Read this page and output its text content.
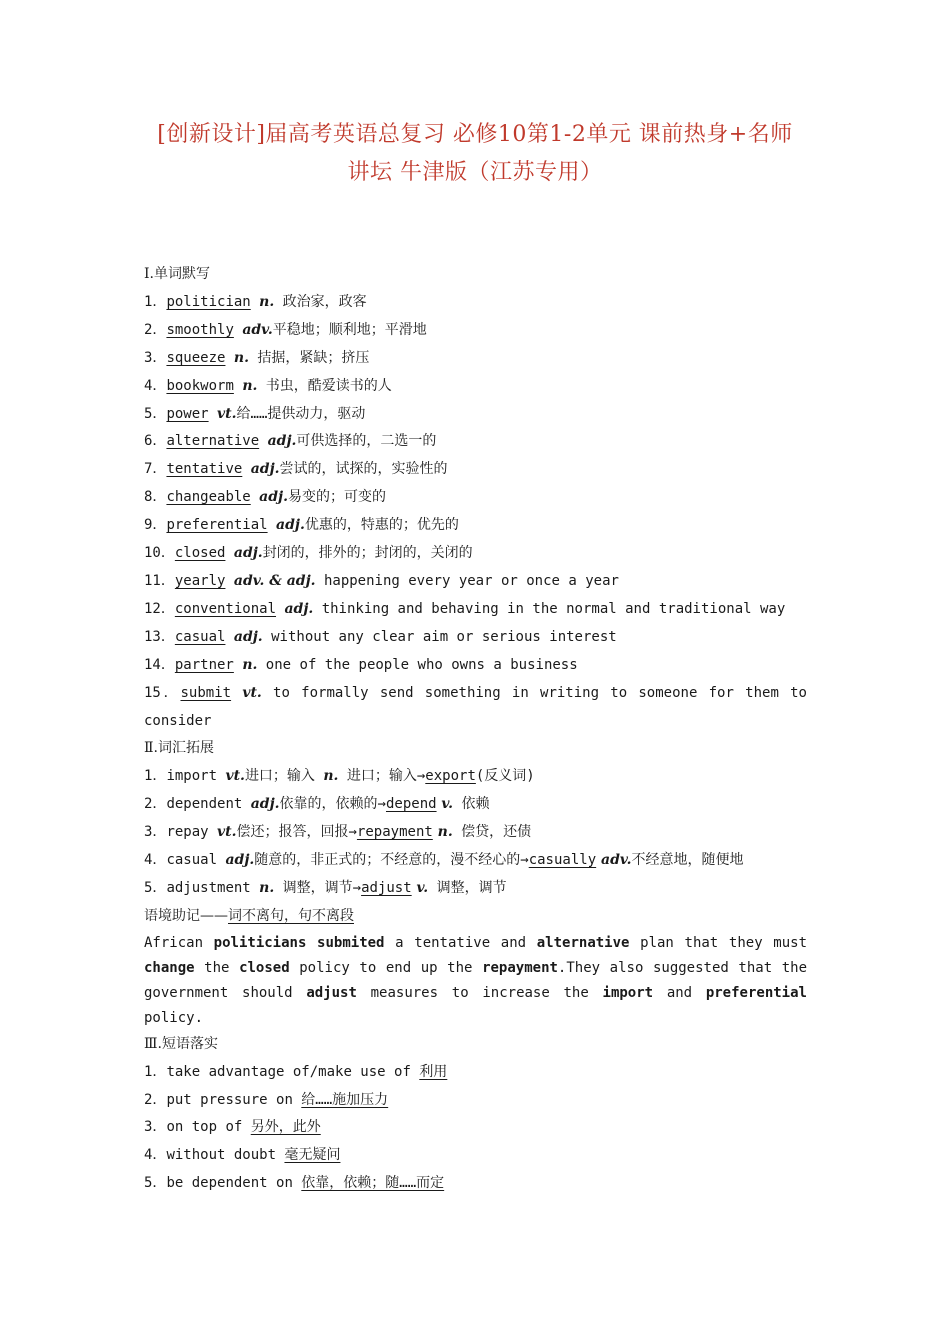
[创新设计]届高考英语总复习 必修10第1-2单元 课前热身+名师
讲坛 牛津版（江苏专用）
Ⅰ.单词默写
1．politician n. 政治家，政客
2．smoothly adv.平稳地；顺利地；平滑地
3．squeeze n. 拮据，紧缺；挤压
4．bookworm n. 书虫，酷爱读书的人
5．power vt.给……提供动力，驱动
6．alternative adj.可供选择的，二选一的
7．tentative adj.尝试的，试探的，实验性的
8．changeable adj.易变的；可变的
9．preferential adj.优惠的，特惠的；优先的
10．closed adj.封闭的，排外的；封闭的，关闭的
11．yearly adv. & adj. happening every year or once a year
12．conventional adj. thinking and behaving in the normal and traditional way
13．casual adj. without any clear aim or serious interest
14．partner n. one of the people who owns a business
15．submit vt. to formally send something in writing to someone for them to consider
Ⅱ.词汇拓展
1．import vt.进口；输入 n. 进口；输入→export(反义词)
2．dependent adj.依靠的，依赖的→depend v. 依赖
3．repay vt.偿还；报答，回报→repayment n. 偿贷，还债
4．casual adj.随意的，非正式的；不经意的，漫不经心的→casually adv.不经意地，随便地
5．adjustment n. 调整，调节→adjust v. 调整，调节
语境助记——词不离句，句不离段
African politicians submited a tentative and alternative plan that they must change the closed policy to end up the repayment.They also suggested that the government should adjust measures to increase the import and preferential policy.
Ⅲ.短语落实
1．take advantage of/make use of 利用
2．put pressure on 给……施加压力
3．on top of 另外，此外
4．without doubt 毫无疑问
5．be dependent on 依靠，依赖；随……而定
